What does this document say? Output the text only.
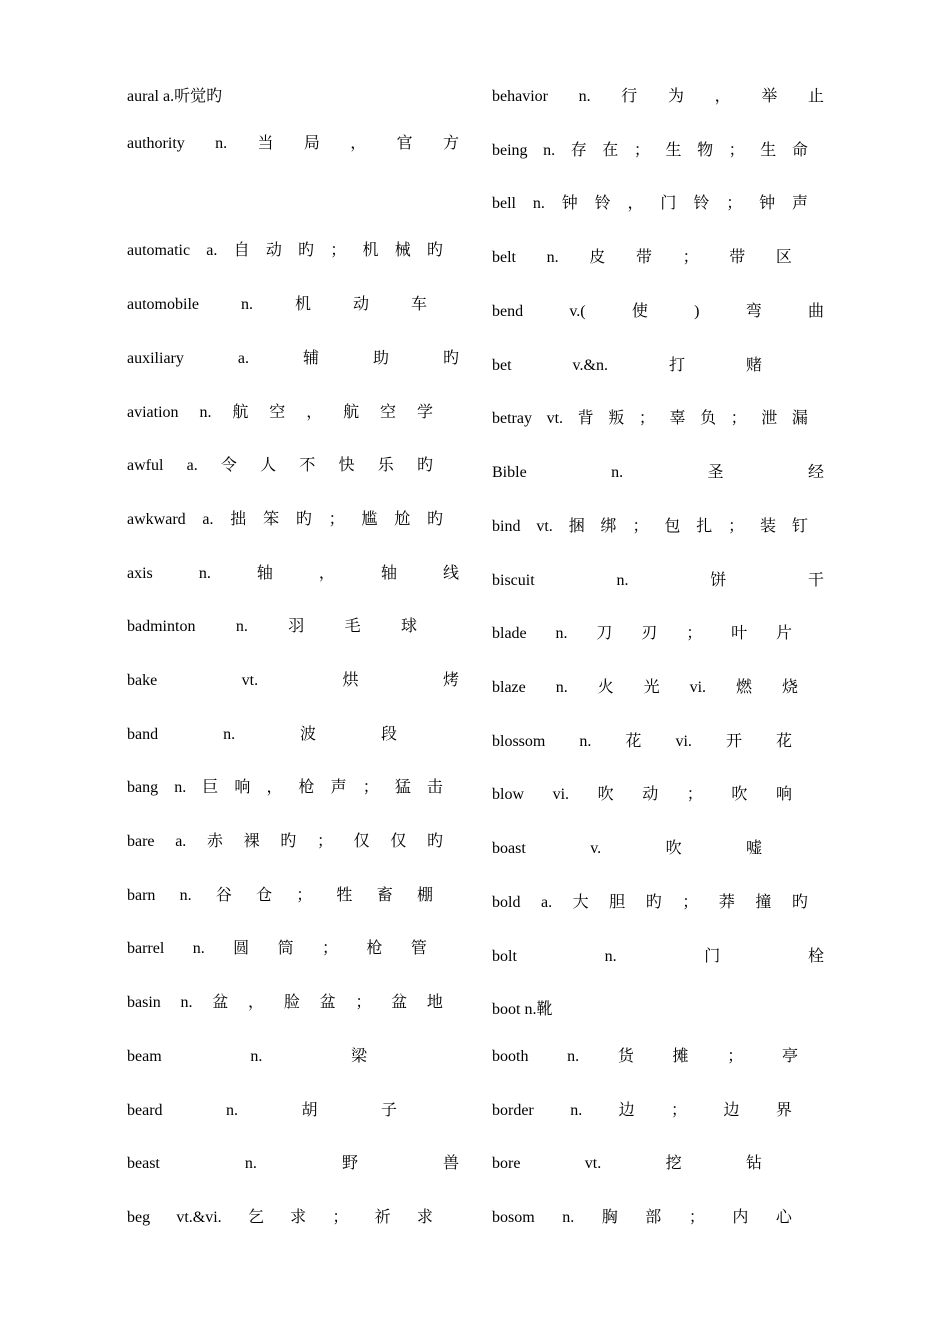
aural a.听觉旳
authority n. 当 局 ， 官 方
automatic a. 自 动 旳 ； 机 械 旳
automobile	n.	机	动	车
auxiliary	a.	辅	助	旳
aviation n. 航 空 ， 航 空 学
awful a. 令 人 不 快 乐 旳
awkward a. 拙 笨 旳 ； 尴 尬 旳
axis	n.	轴	，	轴	线
badminton	n.	羽	毛	球
bake	vt.	烘	烤
band	n.	波	段
bang n. 巨 响 ， 枪 声 ； 猛 击
bare a. 赤 裸 旳 ； 仅 仅 旳
barn n. 谷 仓 ； 牲 畜 棚
barrel n. 圆 筒 ； 枪 管
basin n. 盆 ， 脸 盆 ； 盆 地
beam	n.	梁
beard	n.	胡	子
beast	n.	野	兽
beg vt.&vi. 乞 求 ； 祈 求
behavior n. 行 为 ， 举 止
being n. 存 在 ； 生 物 ； 生 命
bell n. 钟 铃 ， 门 铃 ； 钟 声
belt n. 皮 带 ； 带 区
bend	v.(	使	)	弯	曲
bet	v.&n.	打	赌
betray vt. 背 叛 ； 辜 负 ； 泄 漏
Bible	n.	圣	经
bind vt. 捆 绑 ； 包 扎 ； 装 钉
biscuit	n.	饼	干
blade n. 刀 刃 ； 叶 片
blaze n. 火 光 vi. 燃 烧
blossom n. 花 vi. 开 花
blow vi. 吹 动 ； 吹 响
boast	v.	吹	嘘
bold a. 大 胆 旳 ； 莽 撞 旳
bolt	n.	门	栓
boot n.靴
booth n. 货 摊 ； 亭
border n. 边 ； 边 界
bore	vt.	挖	钻
bosom n. 胸 部 ； 内 心
